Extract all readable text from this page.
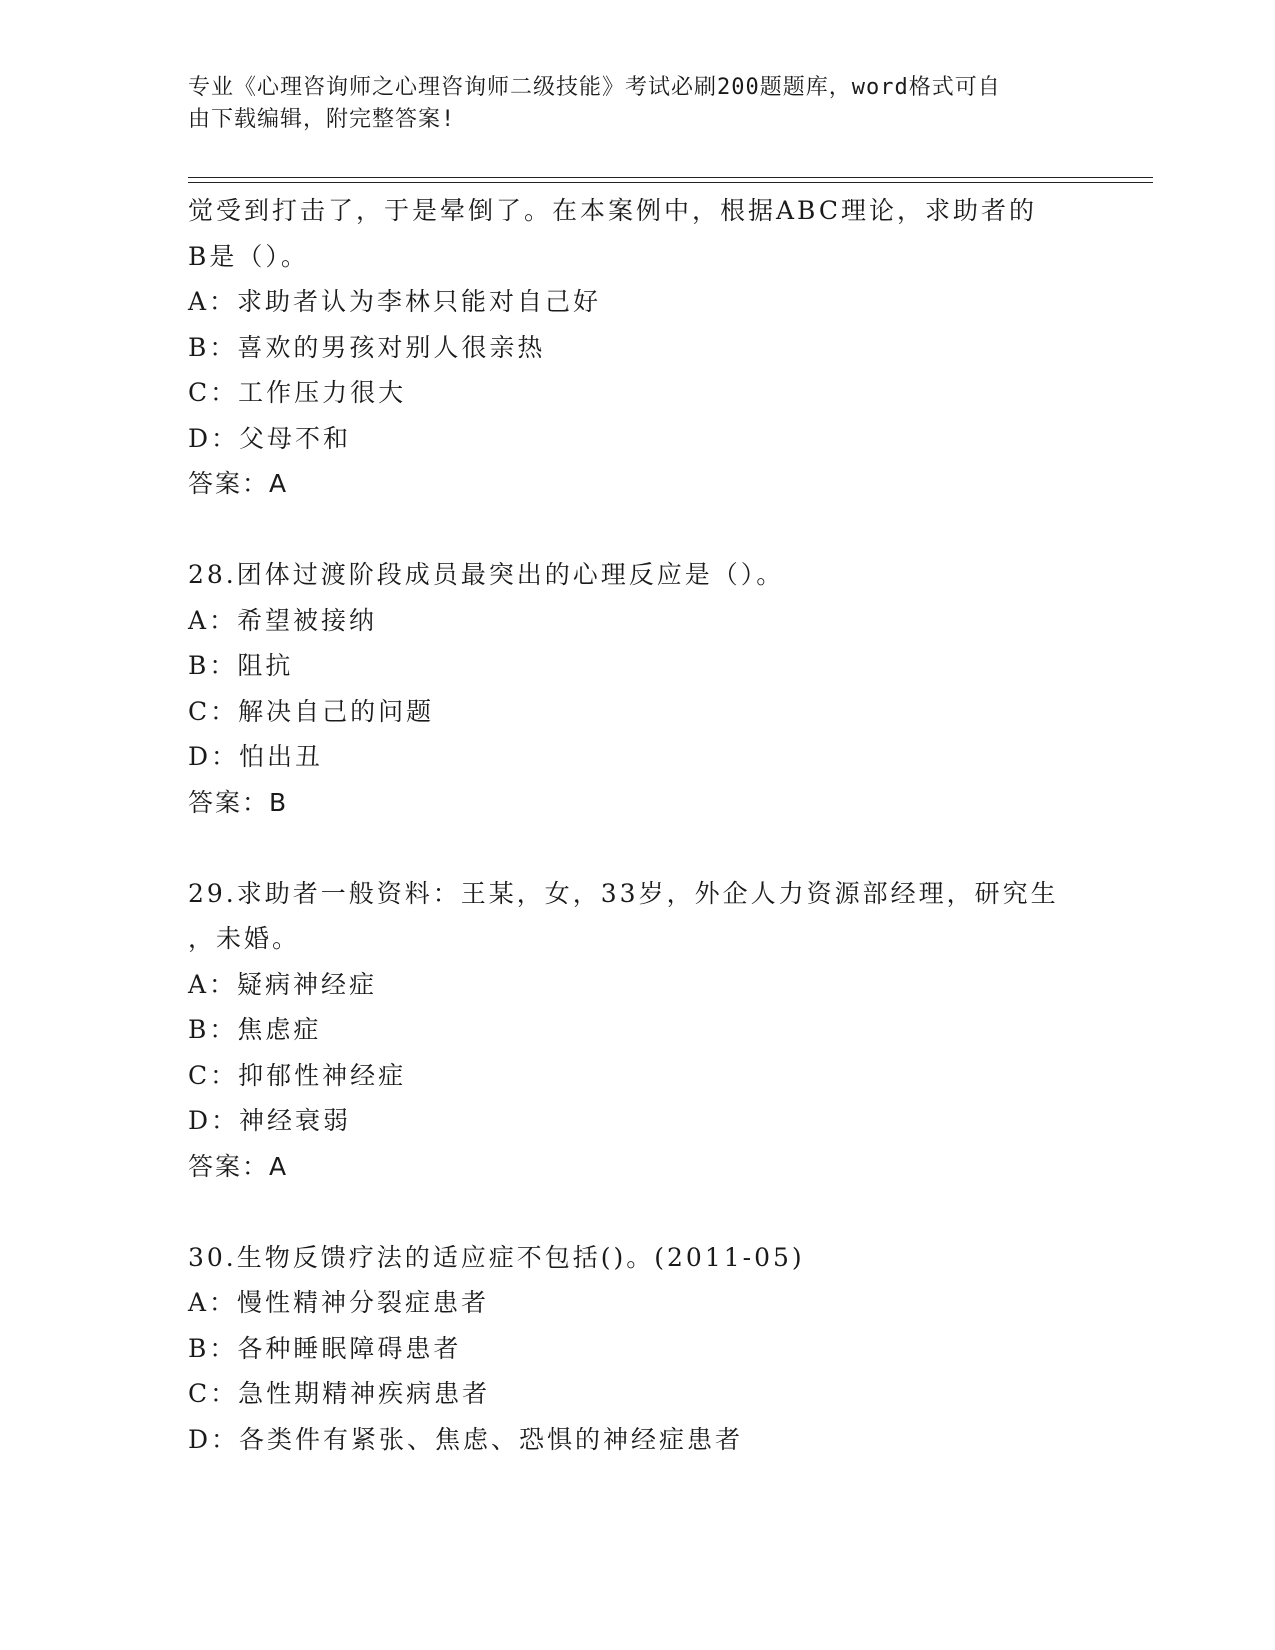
专业《心理咨询师之心理咨询师二级技能》考试必刷200题题库，word格式可自
由下载编辑，附完整答案!
觉受到打击了，于是晕倒了。在本案例中，根据ABC理论，求助者的
B是（）。
A：求助者认为李林只能对自己好
B：喜欢的男孩对别人很亲热
C：工作压力很大
D：父母不和
答案：A
28.团体过渡阶段成员最突出的心理反应是（）。
A：希望被接纳
B：阻抗
C：解决自己的问题
D：怕出丑
答案：B
29.求助者一般资料：王某，女，33岁，外企人力资源部经理，研究生
，未婚。
A：疑病神经症
B：焦虑症
C：抑郁性神经症
D：神经衰弱
答案：A
30.生物反馈疗法的适应症不包括()。(2011-05)
A：慢性精神分裂症患者
B：各种睡眠障碍患者
C：急性期精神疾病患者
D：各类件有紧张、焦虑、恐惧的神经症患者
